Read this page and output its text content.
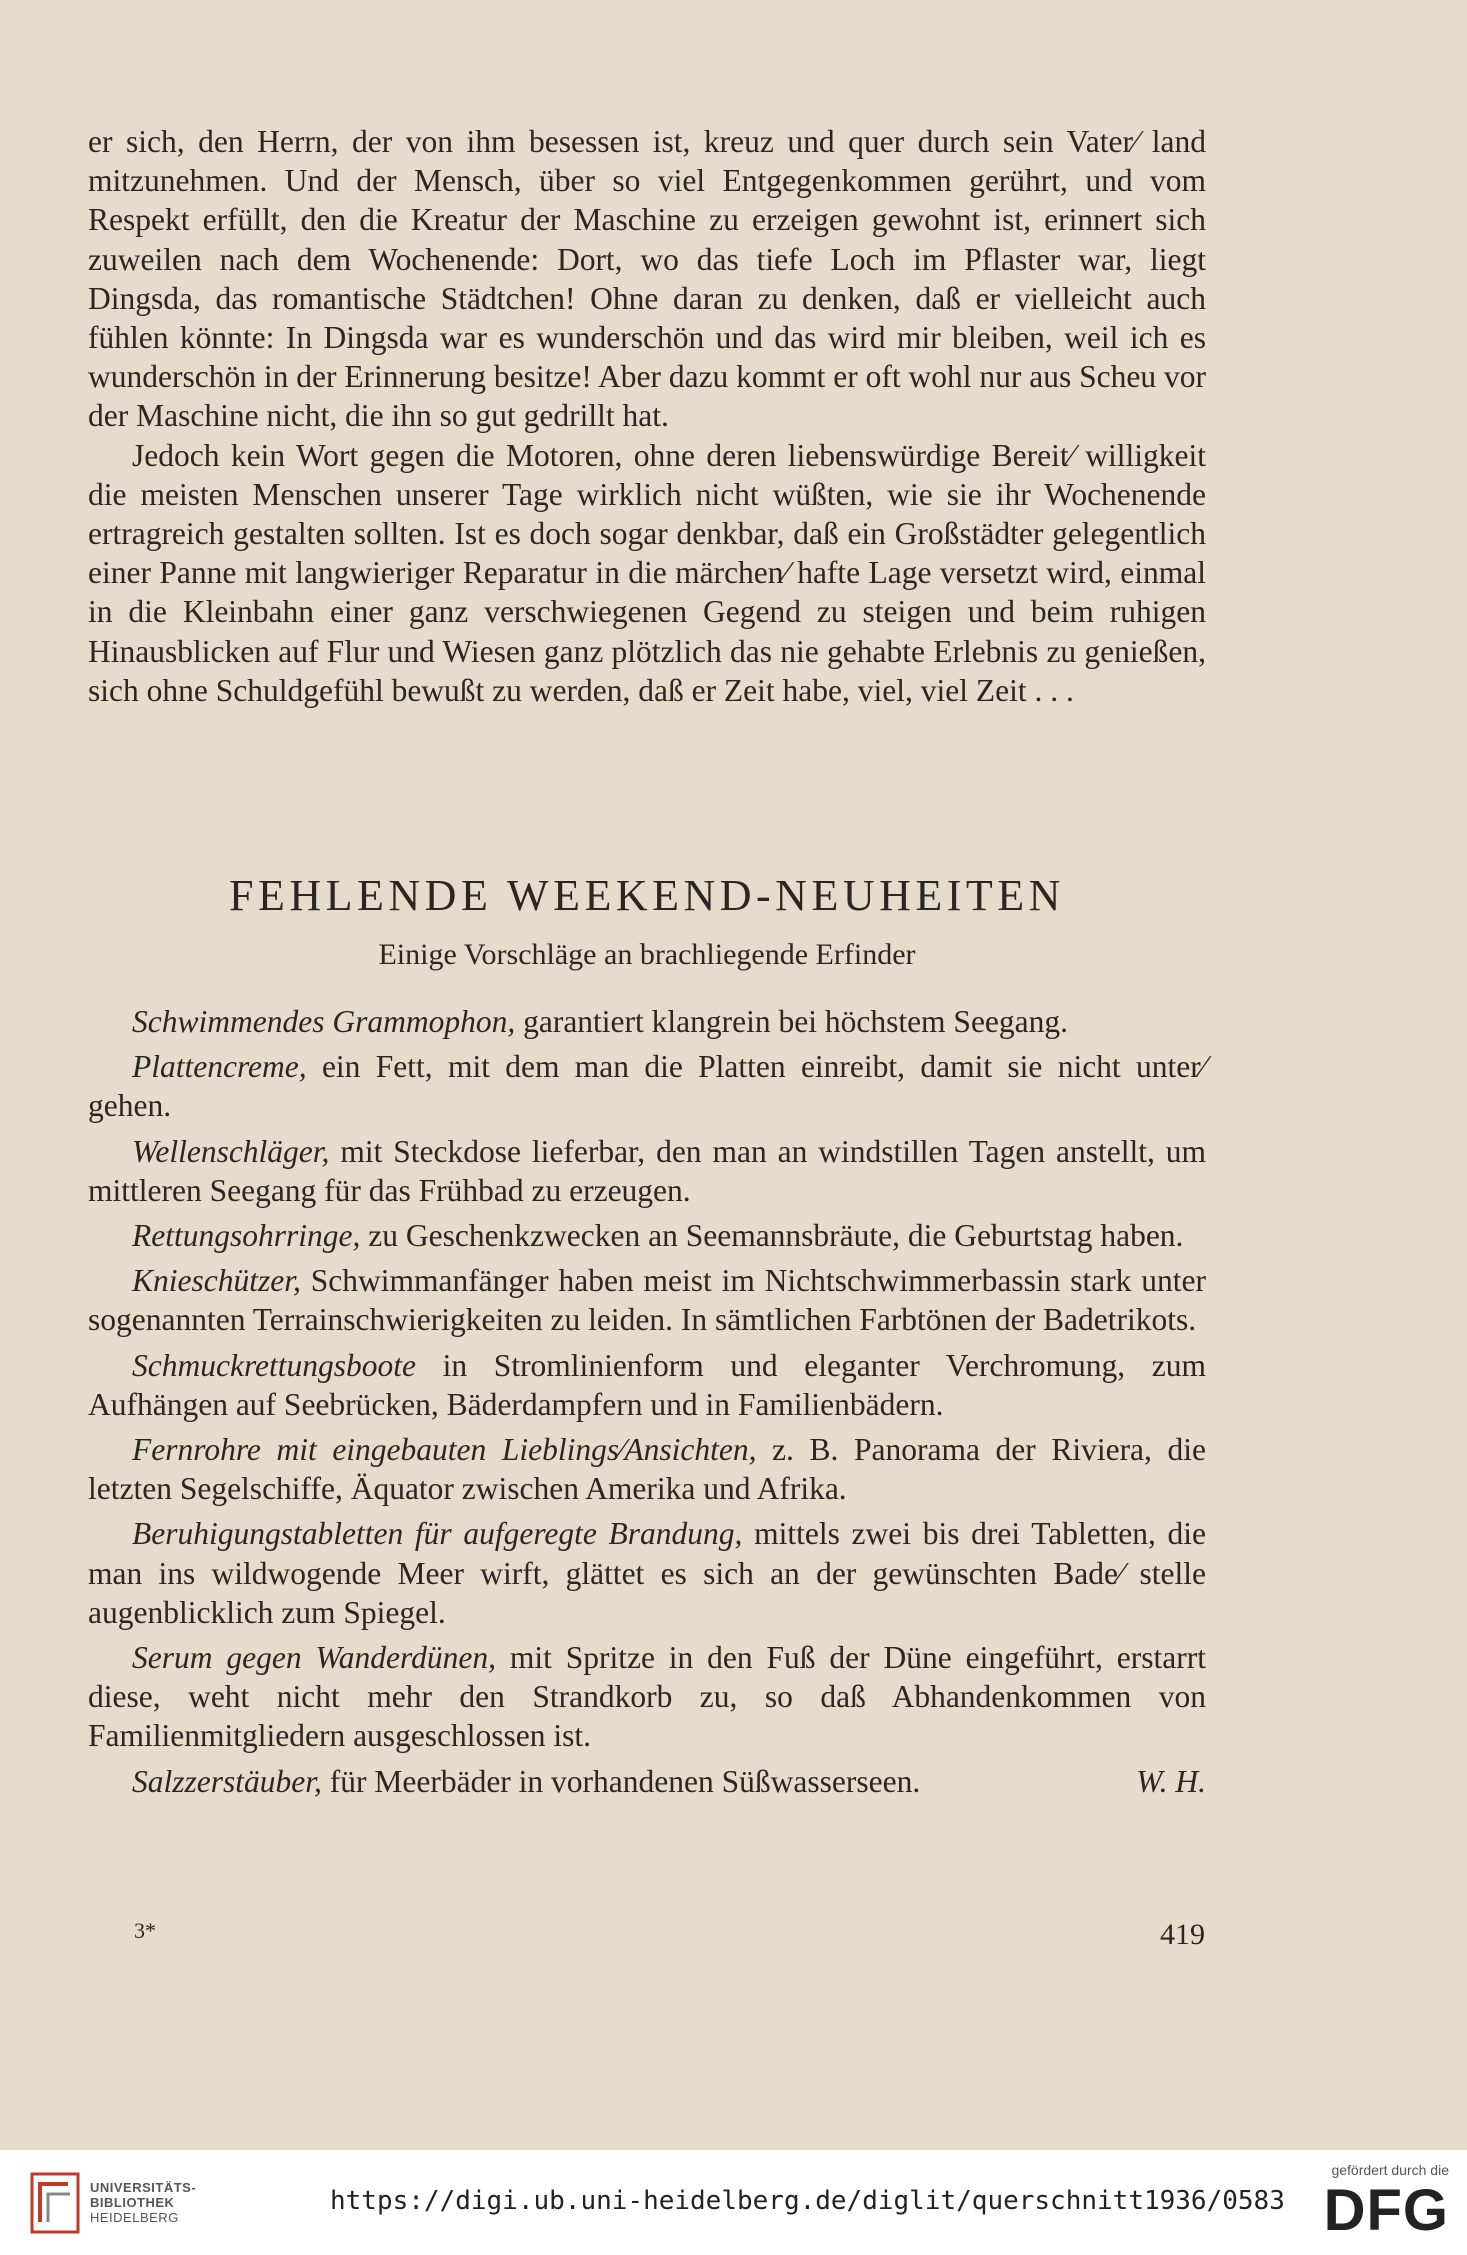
er sich, den Herrn, der von ihm besessen ist, kreuz und quer durch sein Vater⁄ land mitzunehmen. Und der Mensch, über so viel Entgegenkommen gerührt, und vom Respekt erfüllt, den die Kreatur der Maschine zu erzeigen gewohnt ist, erinnert sich zuweilen nach dem Wochenende: Dort, wo das tiefe Loch im Pflaster war, liegt Dingsda, das romantische Städtchen! Ohne daran zu denken, daß er vielleicht auch fühlen könnte: In Dingsda war es wunderschön und das wird mir bleiben, weil ich es wunderschön in der Erinnerung besitze! Aber dazu kommt er oft wohl nur aus Scheu vor der Maschine nicht, die ihn so gut gedrillt hat.

Jedoch kein Wort gegen die Motoren, ohne deren liebenswürdige Bereit⁄ willigkeit die meisten Menschen unserer Tage wirklich nicht wüßten, wie sie ihr Wochenende ertragreich gestalten sollten. Ist es doch sogar denkbar, daß ein Großstädter gelegentlich einer Panne mit langwieriger Reparatur in die märchen⁄ hafte Lage versetzt wird, einmal in die Kleinbahn einer ganz verschwiegenen Gegend zu steigen und beim ruhigen Hinausblicken auf Flur und Wiesen ganz plötzlich das nie gehabte Erlebnis zu genießen, sich ohne Schuldgefühl bewußt zu werden, daß er Zeit habe, viel, viel Zeit . . .

FEHLENDE WEEKEND-NEUHEITEN
Einige Vorschläge an brachliegende Erfinder

Schwimmendes Grammophon, garantiert klangrein bei höchstem Seegang.

Plattencreme, ein Fett, mit dem man die Platten einreibt, damit sie nicht unter⁄ gehen.

Wellenschläger, mit Steckdose lieferbar, den man an windstillen Tagen anstellt, um mittleren Seegang für das Frühbad zu erzeugen.

Rettungsohrringe, zu Geschenkzwecken an Seemannsbräute, die Geburtstag haben.

Knieschützer, Schwimmanfänger haben meist im Nichtschwimmerbassin stark unter sogenannten Terrainschwierigkeiten zu leiden. In sämtlichen Farbtönen der Badetrikots.

Schmuckrettungsboote in Stromlinienform und eleganter Verchromung, zum Aufhängen auf Seebrücken, Bäderdampfern und in Familienbädern.

Fernrohre mit eingebauten Lieblings⁄Ansichten, z. B. Panorama der Riviera, die letzten Segelschiffe, Äquator zwischen Amerika und Afrika.

Beruhigungstabletten für aufgeregte Brandung, mittels zwei bis drei Tabletten, die man ins wildwogende Meer wirft, glättet es sich an der gewünschten Bade⁄ stelle augenblicklich zum Spiegel.

Serum gegen Wanderdünen, mit Spritze in den Fuß der Düne eingeführt, erstarrt diese, weht nicht mehr den Strandkorb zu, so daß Abhandenkommen von Familienmitgliedern ausgeschlossen ist.

Salzzerstäuber, für Meerbäder in vorhandenen Süßwasserseen.	W. H.

3*	419
UNIVERSITÄTS-
BIBLIOTHEK
HEIDELBERG
https://digi.ub.uni-heidelberg.de/diglit/querschnitt1936/0583
gefördert durch die
DFG
